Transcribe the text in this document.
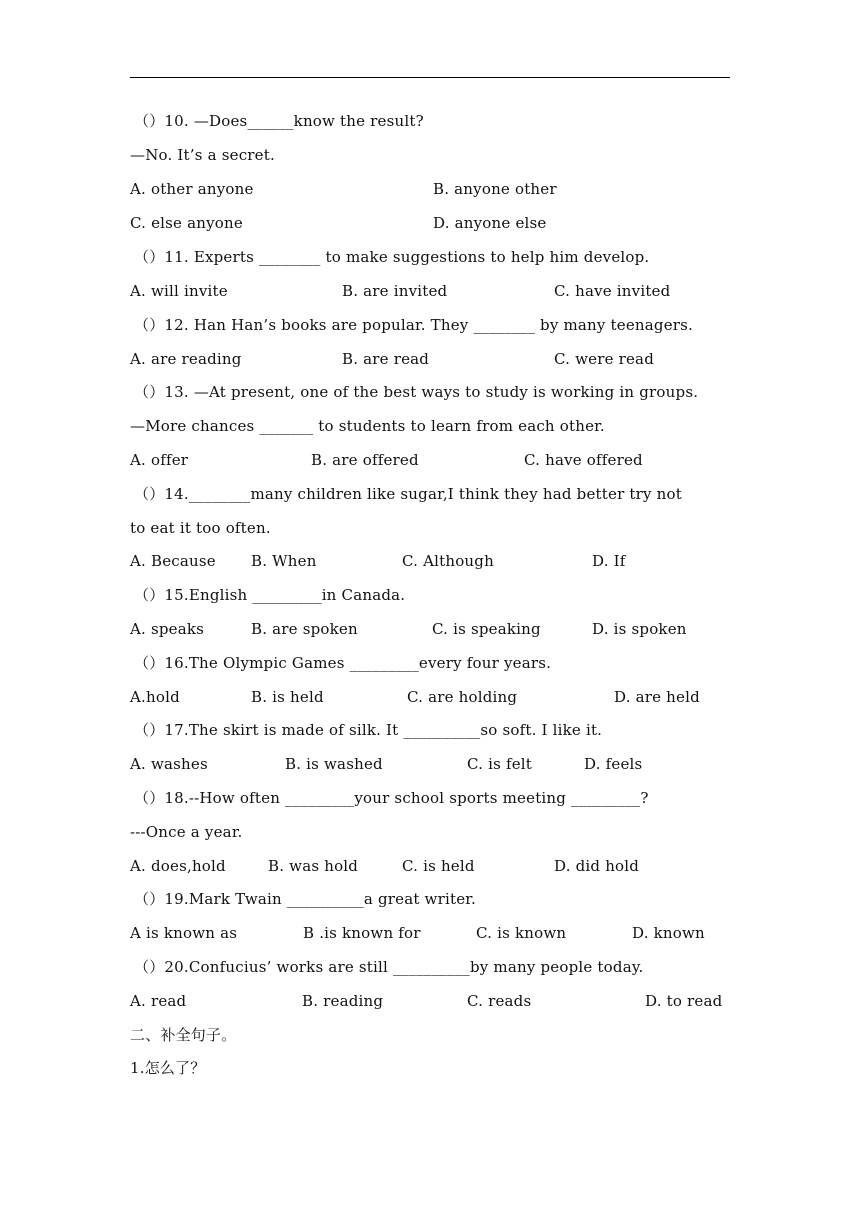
（）10. —Does______know the result?
—No. It’s a secret.

A. other anyone

	B. anyone other

C. else anyone

	D. anyone else

（）11. Experts ________ to make suggestions to help him develop.

A. will invite

	B. are invited

	C. have invited

（）12. Han Han’s books are popular. They ________ by many teenagers.

A. are reading

	B. are read

	C. were read

（）13. —At present, one of the best ways to study is working in groups.
—More chances _______ to students to learn from each other.

A. offer

	B. are offered

	C. have offered

（）14.________many children like sugar,I think they had better try not
to eat it too often.

A. Because

B. When

	C. Although

	D. If

（）15.English _________in Canada.

A. speaks

	B. are spoken

	C. is speaking

	D. is spoken

（）16.The Olympic Games _________every four years.

A.hold

	B. is held

	C. are holding

	D. are held

（）17.The skirt is made of silk. It __________so soft. I like it.

A. washes

	B. is washed

	C. is felt

	D. feels

（）18.--How often _________your school sports meeting _________?
---Once a year.

A. does,hold

	B. was hold

	C. is held

	D. did hold

（）19.Mark Twain __________a great writer.

A is known as

	B .is known for

	C. is known

	D. known

（）20.Confucius’ works are still __________by many people today.

A. read

	B. reading

	C. reads

	D. to read

二、补全句子。
1.怎么了？
